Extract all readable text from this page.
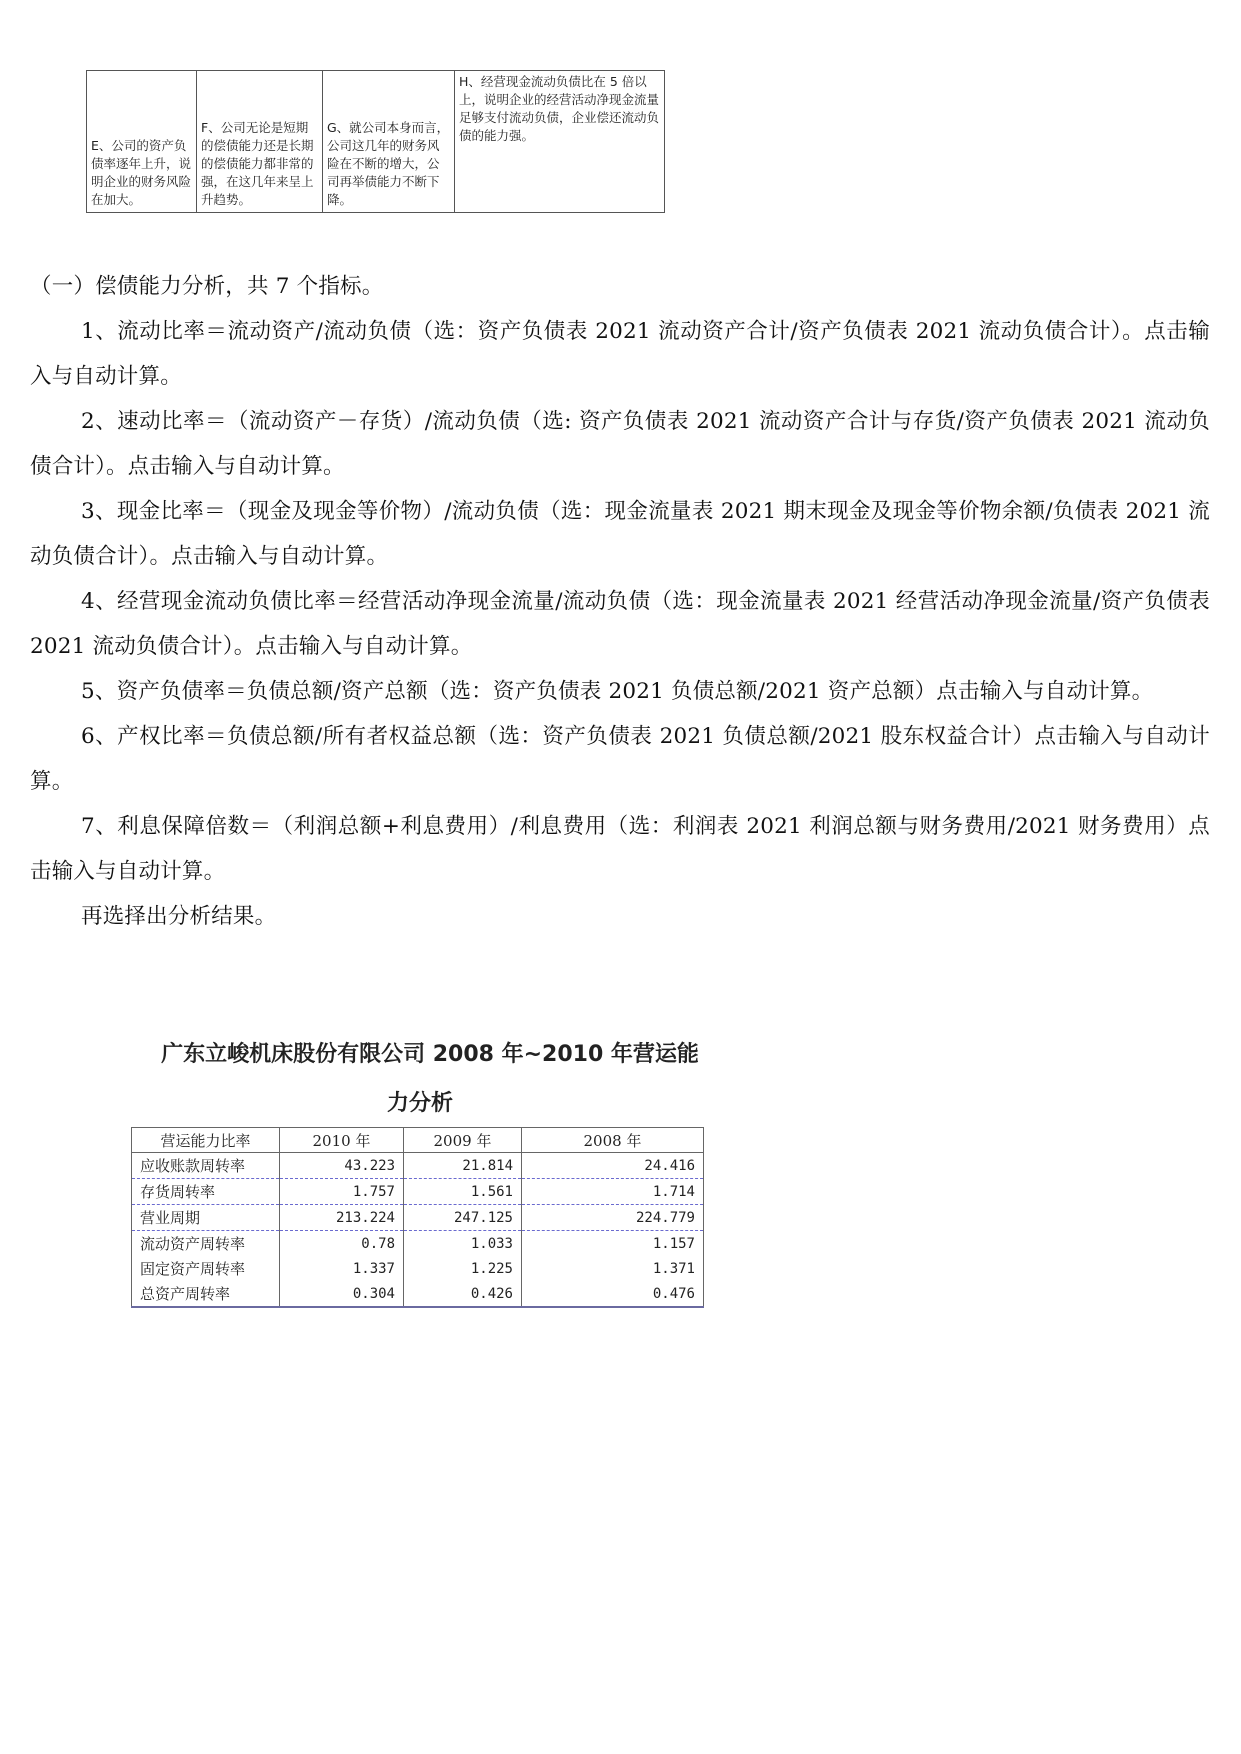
E、公司的资产负债率逐年上升，说明企业的财务风险在加大。	F、公司无论是短期的偿债能力还是长期的偿债能力都非常的强，在这几年来呈上升趋势。	G、就公司本身而言，公司这几年的财务风险在不断的增大，公司再举债能力不断下降。	H、经营现金流动负债比在 5 倍以上，说明企业的经营活动净现金流量足够支付流动负债，企业偿还流动负债的能力强。

（一）偿债能力分析，共 7 个指标。

1、流动比率＝流动资产/流动负债（选：资产负债表 2021 流动资产合计/资产负债表 2021 流动负债合计）。点击输入与自动计算。

2、速动比率＝（流动资产－存货）/流动负债（选: 资产负债表 2021 流动资产合计与存货/资产负债表 2021 流动负债合计）。点击输入与自动计算。

3、现金比率＝（现金及现金等价物）/流动负债（选：现金流量表 2021 期末现金及现金等价物余额/负债表 2021 流动负债合计）。点击输入与自动计算。

4、经营现金流动负债比率＝经营活动净现金流量/流动负债（选：现金流量表 2021 经营活动净现金流量/资产负债表 2021 流动负债合计）。点击输入与自动计算。

5、资产负债率＝负债总额/资产总额（选：资产负债表 2021 负债总额/2021 资产总额）点击输入与自动计算。

6、产权比率＝负债总额/所有者权益总额（选：资产负债表 2021 负债总额/2021 股东权益合计）点击输入与自动计算。

7、利息保障倍数＝（利润总额+利息费用）/利息费用（选：利润表 2021 利润总额与财务费用/2021 财务费用）点击输入与自动计算。

再选择出分析结果。

广东立峻机床股份有限公司 2008 年~2010 年营运能

力分析

营运能力比率	2010 年	2009 年	2008 年
应收账款周转率	43.223	21.814	24.416
存货周转率	1.757	1.561	1.714
营业周期	213.224	247.125	224.779
流动资产周转率	0.78	1.033	1.157
固定资产周转率	1.337	1.225	1.371
总资产周转率	0.304	0.426	0.476
